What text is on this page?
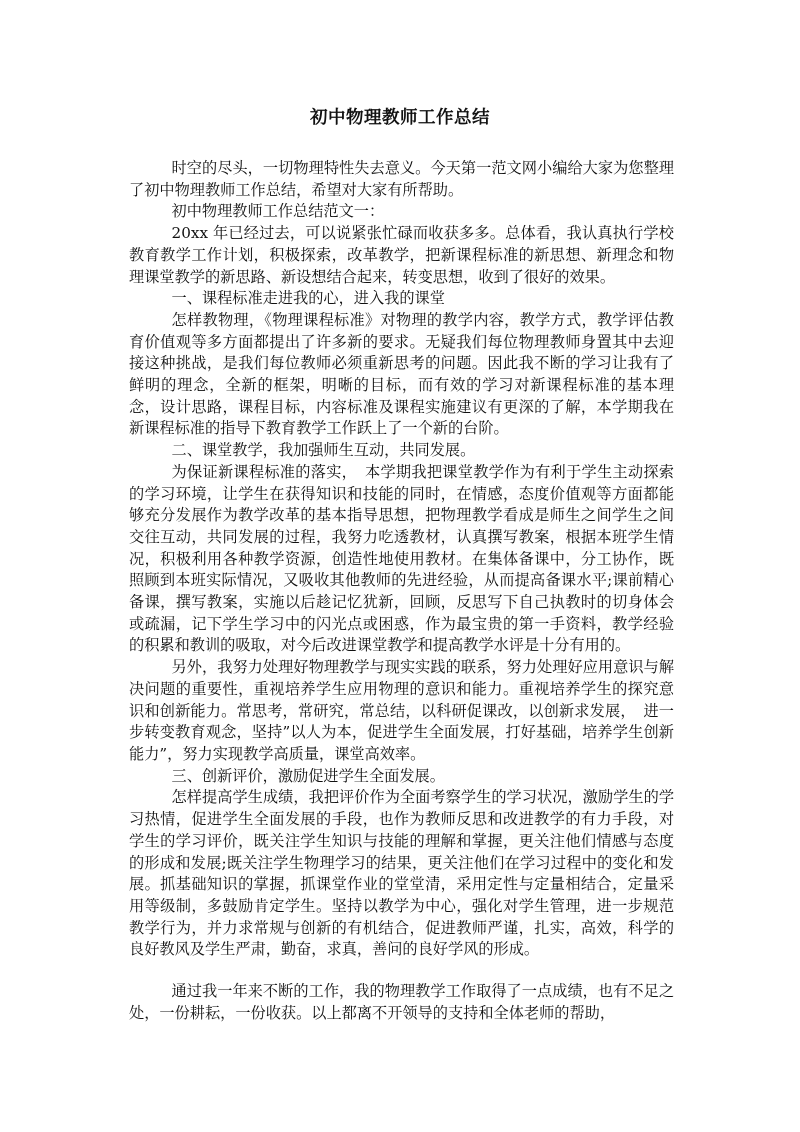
初中物理教师工作总结

时空的尽头，一切物理特性失去意义。今天第一范文网小编给大家为您整理了初中物理教师工作总结，希望对大家有所帮助。

初中物理教师工作总结范文一：

20xx 年已经过去，可以说紧张忙碌而收获多多。总体看，我认真执行学校教育教学工作计划，积极探索，改革教学，把新课程标准的新思想、新理念和物理课堂教学的新思路、新设想结合起来，转变思想，收到了很好的效果。

一、课程标准走进我的心，进入我的课堂

怎样教物理，《物理课程标准》对物理的教学内容，教学方式，教学评估教育价值观等多方面都提出了许多新的要求。无疑我们每位物理教师身置其中去迎接这种挑战，是我们每位教师必须重新思考的问题。因此我不断的学习让我有了鲜明的理念，全新的框架，明晰的目标，而有效的学习对新课程标准的基本理念，设计思路，课程目标，内容标准及课程实施建议有更深的了解，本学期我在新课程标准的指导下教育教学工作跃上了一个新的台阶。

二、课堂教学，我加强师生互动，共同发展。

为保证新课程标准的落实，　本学期我把课堂教学作为有利于学生主动探索的学习环境，让学生在获得知识和技能的同时，在情感，态度价值观等方面都能够充分发展作为教学改革的基本指导思想，把物理教学看成是师生之间学生之间交往互动，共同发展的过程，我努力吃透教材，认真撰写教案，根据本班学生情况，积极利用各种教学资源，创造性地使用教材。在集体备课中，分工协作，既照顾到本班实际情况，又吸收其他教师的先进经验，从而提高备课水平;课前精心备课，撰写教案，实施以后趁记忆犹新，回顾，反思写下自己执教时的切身体会或疏漏，记下学生学习中的闪光点或困惑，作为最宝贵的第一手资料，教学经验的积累和教训的吸取，对今后改进课堂教学和提高教学水评是十分有用的。

另外，我努力处理好物理教学与现实实践的联系，努力处理好应用意识与解决问题的重要性，重视培养学生应用物理的意识和能力。重视培养学生的探究意识和创新能力。常思考，常研究，常总结，以科研促课改，以创新求发展，　进一步转变教育观念，坚持”以人为本，促进学生全面发展，打好基础，培养学生创新能力”，努力实现教学高质量，课堂高效率。

三、创新评价，激励促进学生全面发展。

怎样提高学生成绩，我把评价作为全面考察学生的学习状况，激励学生的学习热情，促进学生全面发展的手段，也作为教师反思和改进教学的有力手段，对学生的学习评价，既关注学生知识与技能的理解和掌握，更关注他们情感与态度的形成和发展;既关注学生物理学习的结果，更关注他们在学习过程中的变化和发展。抓基础知识的掌握，抓课堂作业的堂堂清，采用定性与定量相结合，定量采用等级制，多鼓励肯定学生。坚持以教学为中心，强化对学生管理，进一步规范教学行为，并力求常规与创新的有机结合，促进教师严谨，扎实，高效，科学的良好教风及学生严肃，勤奋，求真，善问的良好学风的形成。

通过我一年来不断的工作，我的物理教学工作取得了一点成绩，也有不足之处，一份耕耘，一份收获。以上都离不开领导的支持和全体老师的帮助，
